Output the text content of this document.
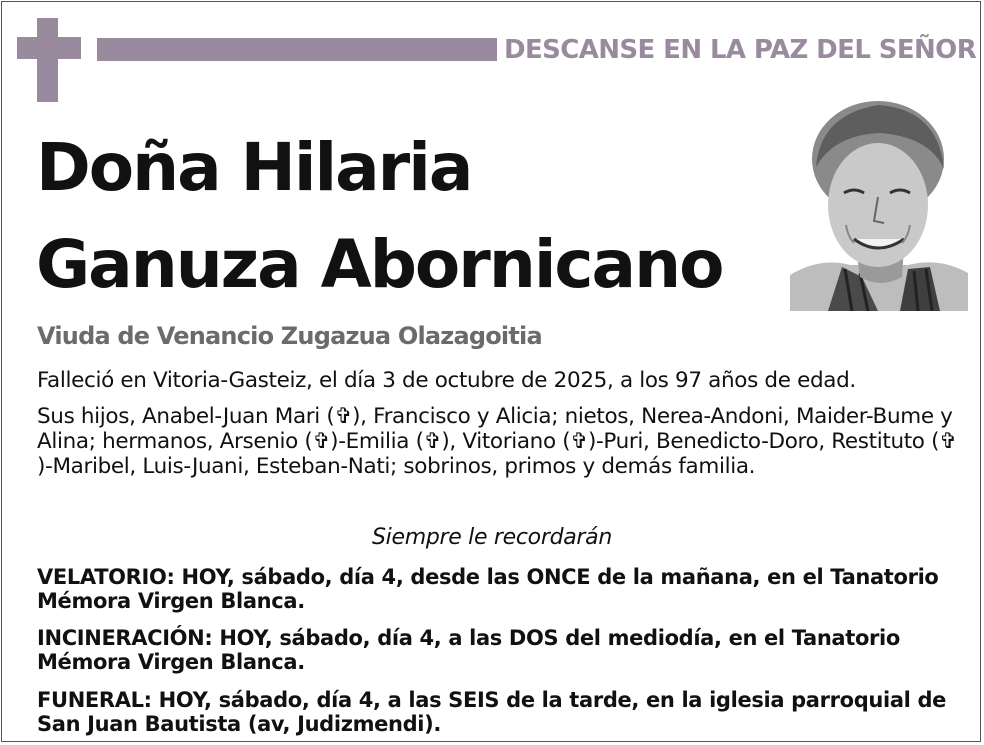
DESCANSE EN LA PAZ DEL SEÑOR
Doña Hilaria
Ganuza Abornicano
Viuda de Venancio Zugazua Olazagoitia
Falleció en Vitoria-Gasteiz, el día 3 de octubre de 2025, a los 97 años de edad.
Sus hijos, Anabel-Juan Mari (✞), Francisco y Alicia; nietos, Nerea-Andoni, Maider-Bume y Alina; hermanos, Arsenio (✞)-Emilia (✞), Vitoriano (✞)-Puri, Benedicto-Doro, Restituto (✞)-Maribel, Luis-Juani, Esteban-Nati; sobrinos, primos y demás familia.
Siempre le recordarán
VELATORIO: HOY, sábado, día 4, desde las ONCE de la mañana, en el Tanatorio Mémora Virgen Blanca.
INCINERACIÓN: HOY, sábado, día 4, a las DOS del mediodía, en el Tanatorio Mémora Virgen Blanca.
FUNERAL: HOY, sábado, día 4, a las SEIS de la tarde, en la iglesia parroquial de San Juan Bautista (av, Judizmendi).
